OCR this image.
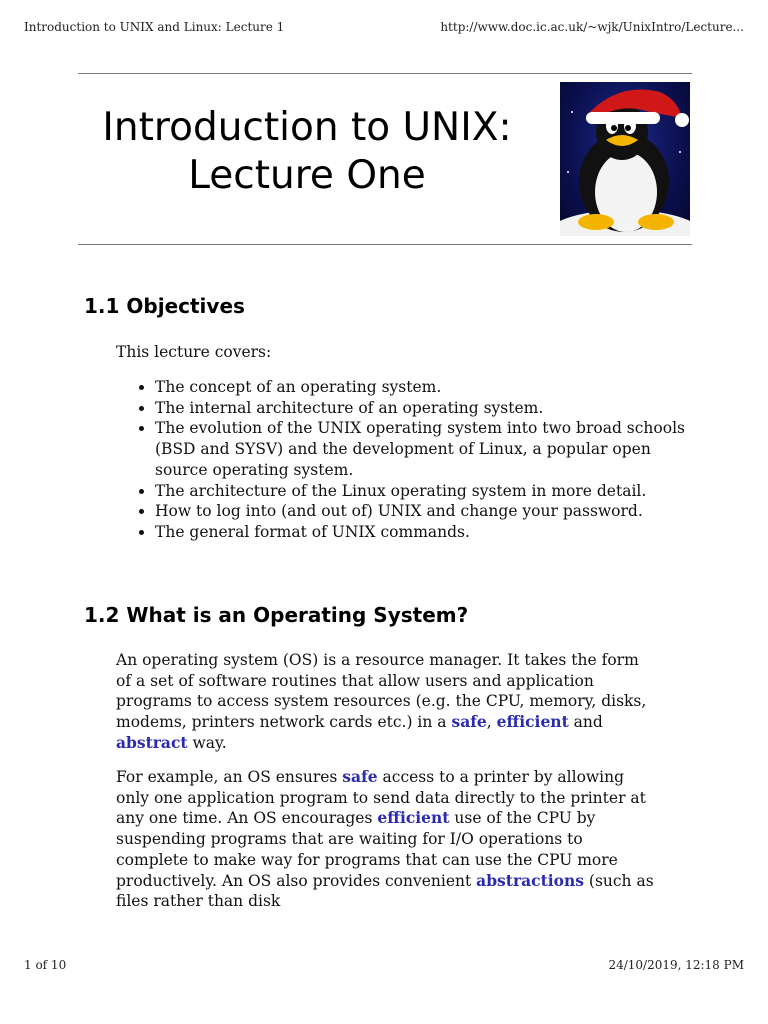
Introduction to UNIX and Linux: Lecture 1	http://www.doc.ic.ac.uk/~wjk/UnixIntro/Lecture...
Introduction to UNIX:
Lecture One
1.1 Objectives

This lecture covers:

• The concept of an operating system.
• The internal architecture of an operating system.
• The evolution of the UNIX operating system into two broad schools (BSD and SYSV) and the development of Linux, a popular open source operating system.
• The architecture of the Linux operating system in more detail.
• How to log into (and out of) UNIX and change your password.
• The general format of UNIX commands.
1.2 What is an Operating System?

An operating system (OS) is a resource manager. It takes the form of a set of software routines that allow users and application programs to access system resources (e.g. the CPU, memory, disks, modems, printers network cards etc.) in a safe, efficient and abstract way.

For example, an OS ensures safe access to a printer by allowing only one application program to send data directly to the printer at any one time. An OS encourages efficient use of the CPU by suspending programs that are waiting for I/O operations to complete to make way for programs that can use the CPU more productively. An OS also provides convenient abstractions (such as files rather than disk

1 of 10	24/10/2019, 12:18 PM
